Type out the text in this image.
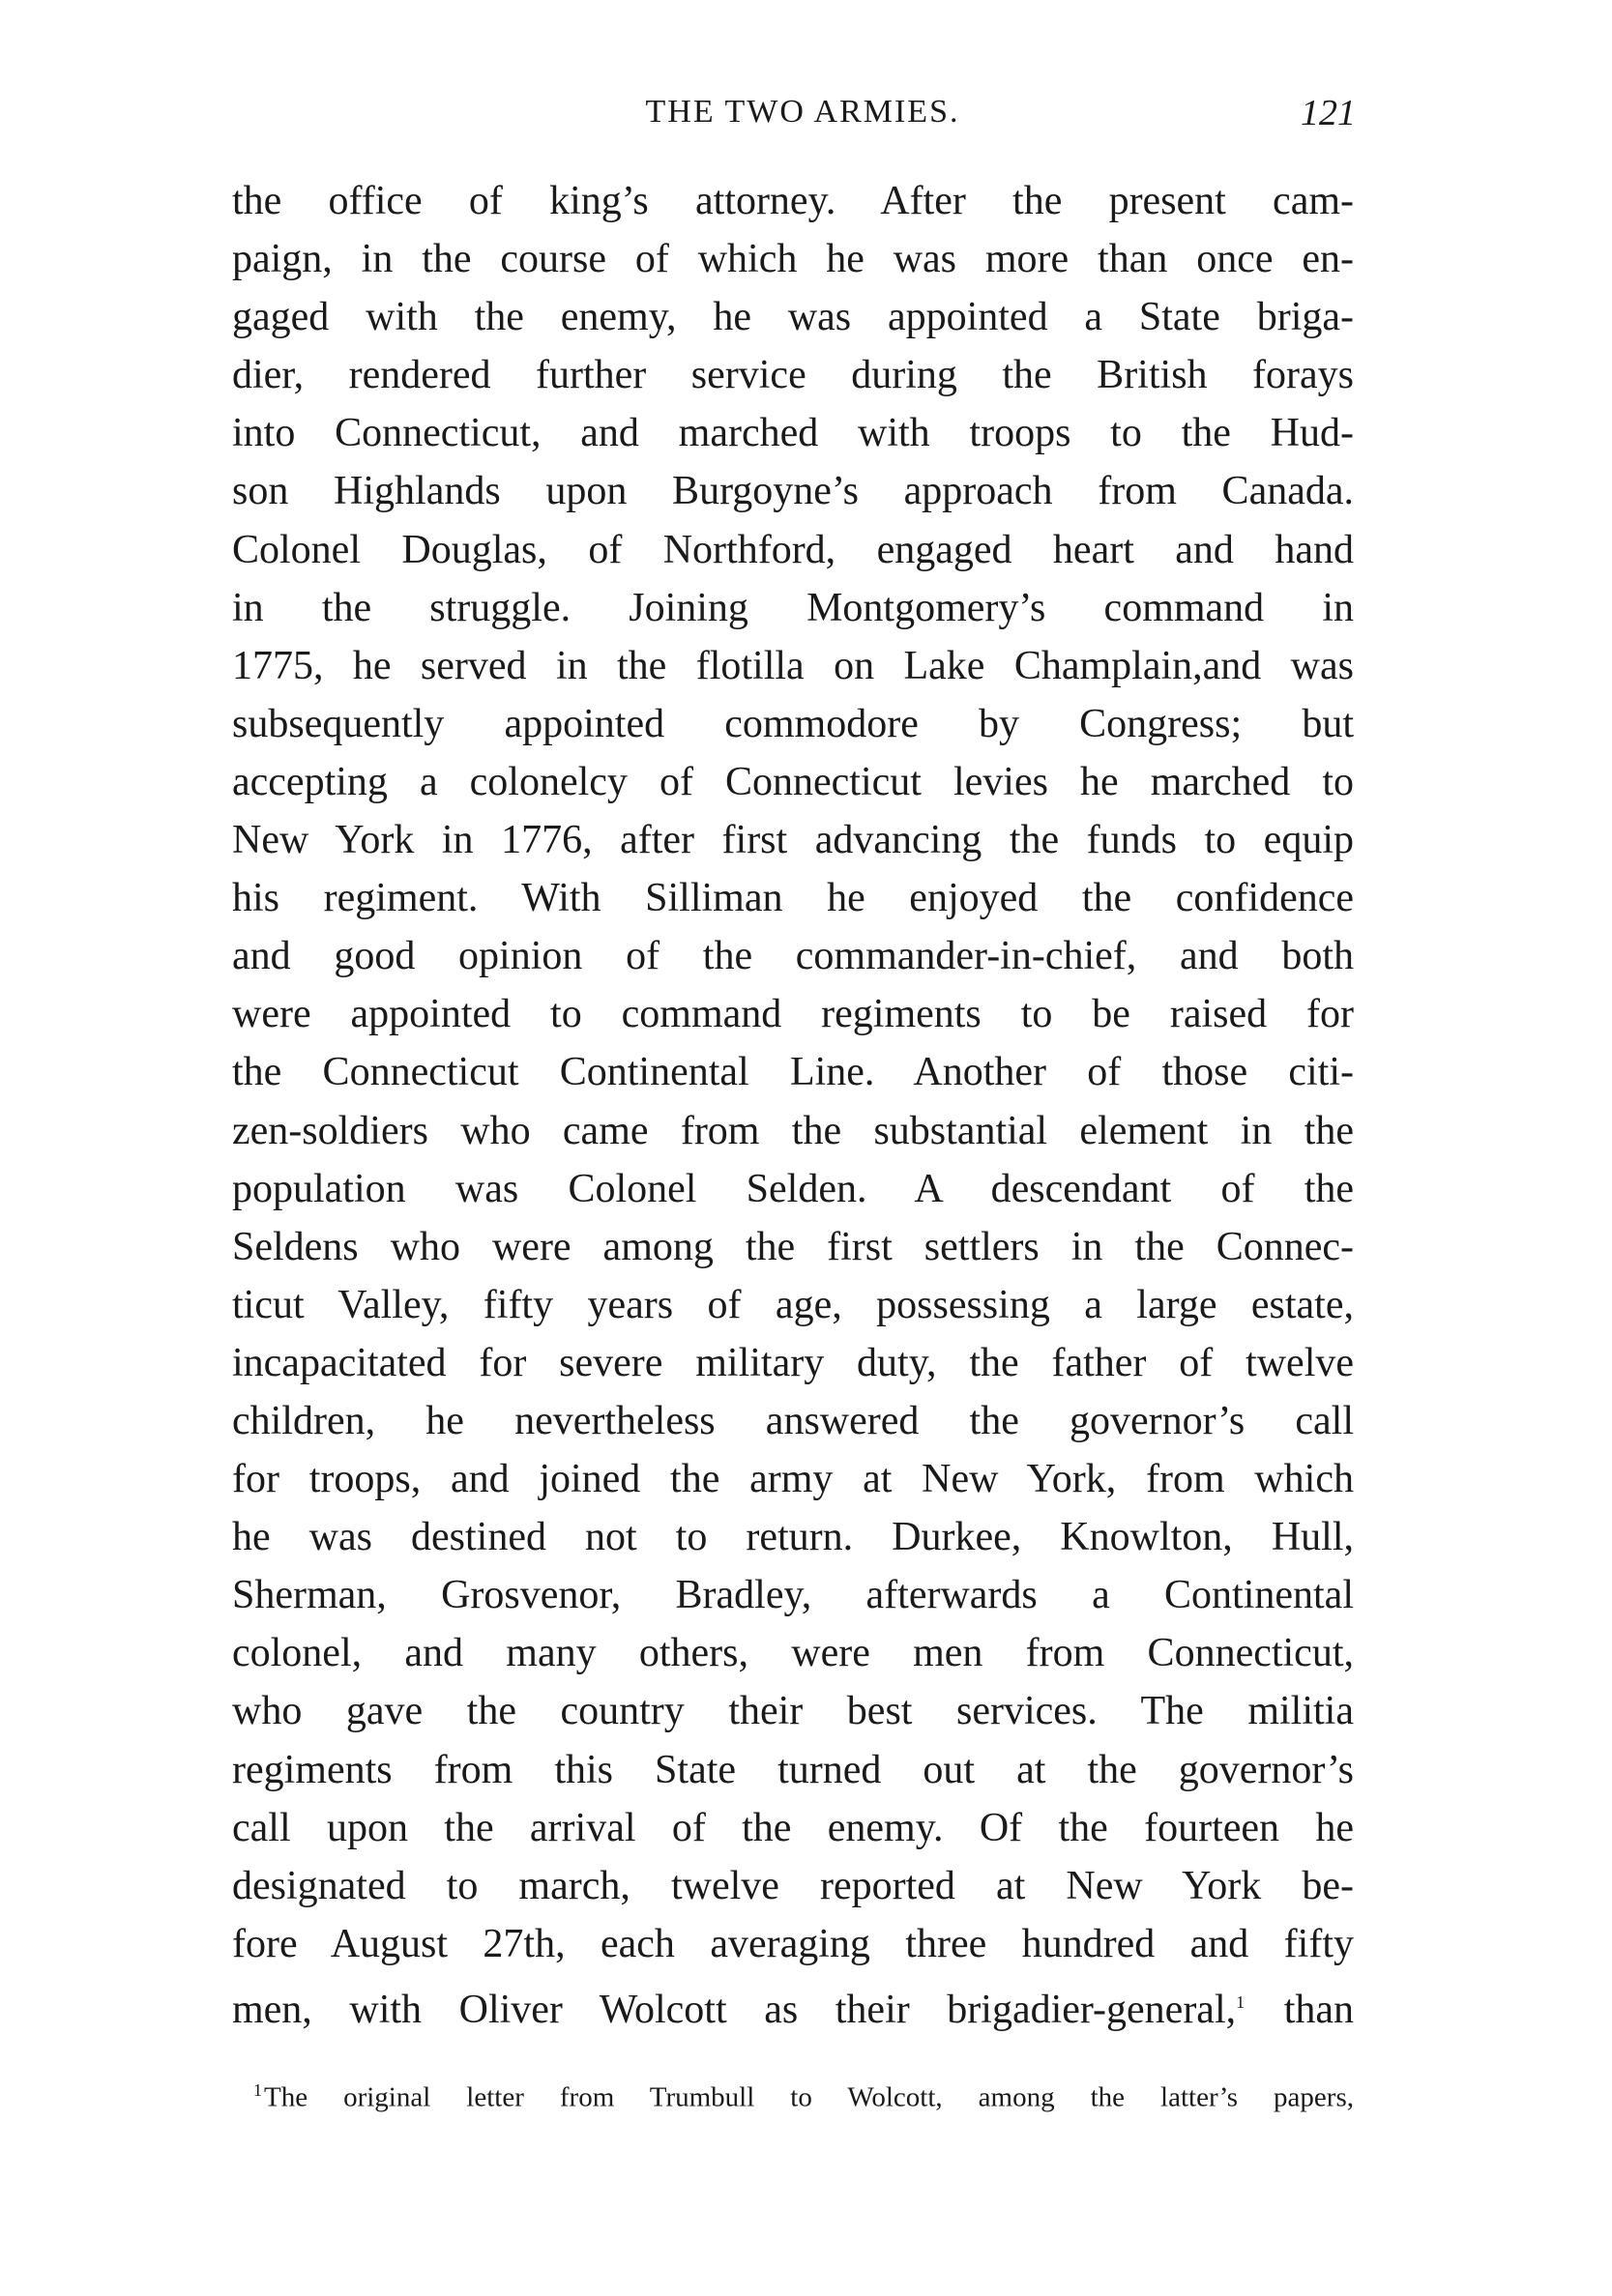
THE TWO ARMIES.	121
the office of king’s attorney. After the present cam-
paign, in the course of which he was more than once en-
gaged with the enemy, he was appointed a State briga-
dier, rendered further service during the British forays
into Connecticut, and marched with troops to the Hud-
son Highlands upon Burgoyne’s approach from Canada.
Colonel Douglas, of Northford, engaged heart and hand
in the struggle. Joining Montgomery’s command in
1775, he served in the flotilla on Lake Champlain,and was
subsequently appointed commodore by Congress; but
accepting a colonelcy of Connecticut levies he marched to
New York in 1776, after first advancing the funds to equip
his regiment. With Silliman he enjoyed the confidence
and good opinion of the commander-in-chief, and both
were appointed to command regiments to be raised for
the Connecticut Continental Line. Another of those citi-
zen-soldiers who came from the substantial element in the
population was Colonel Selden. A descendant of the
Seldens who were among the first settlers in the Connec-
ticut Valley, fifty years of age, possessing a large estate,
incapacitated for severe military duty, the father of twelve
children, he nevertheless answered the governor’s call
for troops, and joined the army at New York, from which
he was destined not to return. Durkee, Knowlton, Hull,
Sherman, Grosvenor, Bradley, afterwards a Continental
colonel, and many others, were men from Connecticut,
who gave the country their best services. The militia
regiments from this State turned out at the governor’s
call upon the arrival of the enemy. Of the fourteen he
designated to march, twelve reported at New York be-
fore August 27th, each averaging three hundred and fifty
men, with Oliver Wolcott as their brigadier-general,$^1$ than
$^1$The original letter from Trumbull to Wolcott, among the latter’s papers,
